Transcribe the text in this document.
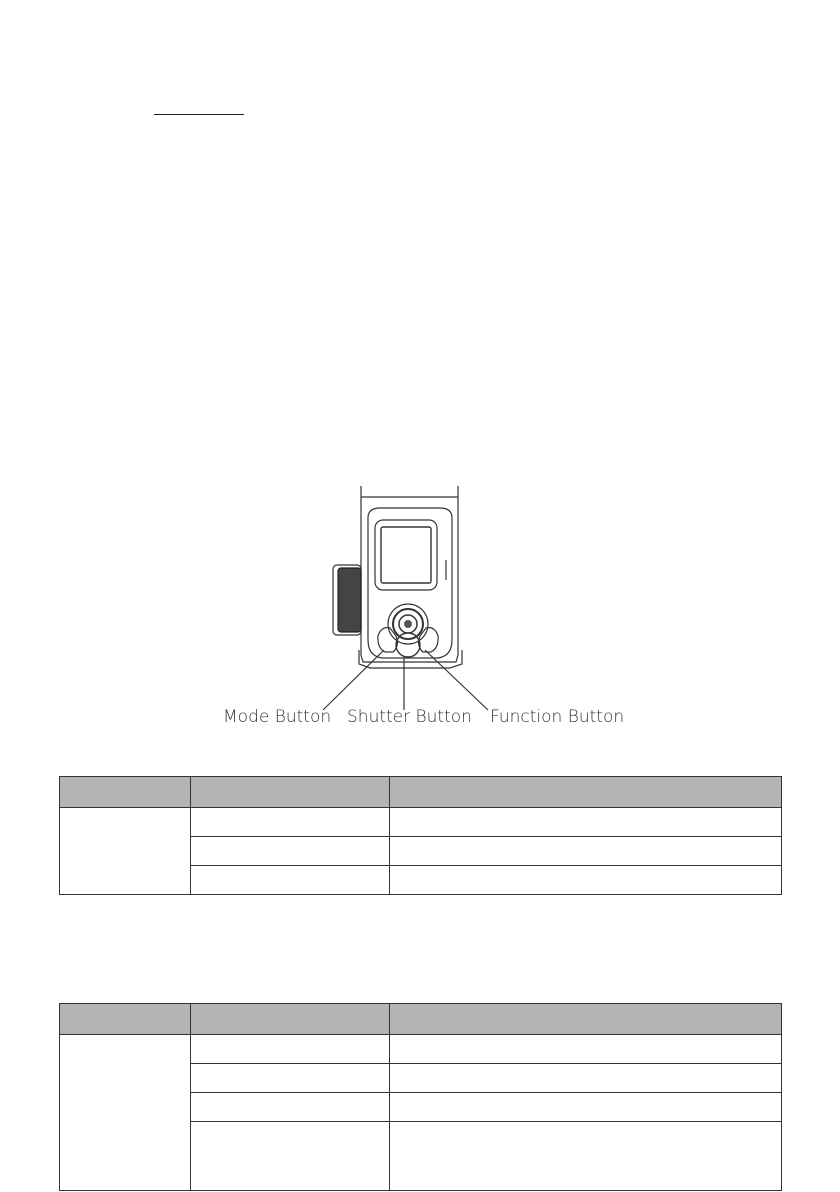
Mode Button Shutter Button Function Button
